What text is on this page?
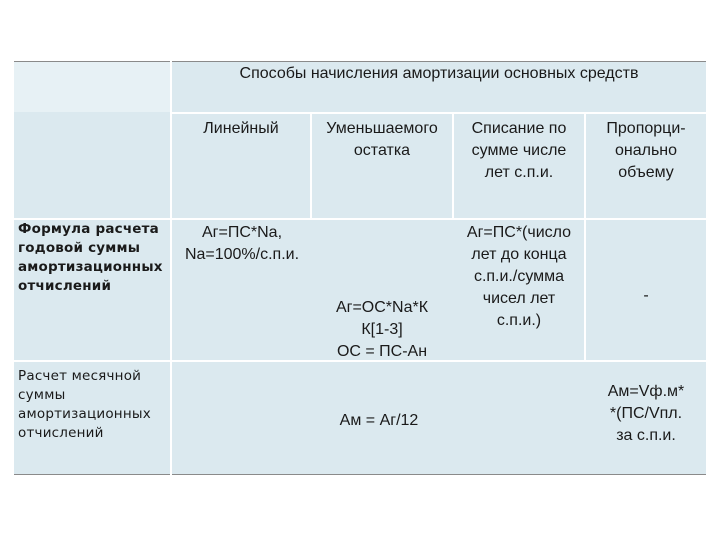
Способы начисления амортизации основных средств
Линейный	Уменьшаемого
остатка
Списание по
сумме числе
лет с.п.и.
Пропорци-
онально
объему
Формула расчета
годовой суммы
амортизационных
отчислений
Аг=ПС*Nа,
Nа=100%/с.п.и.
Аг=ОС*Nа*К
К[1-3]
ОС = ПС-Ан
Аг=ПС*(число
лет до конца
с.п.и./сумма
чисел лет
с.п.и.)
-
Расчет месячной
суммы
амортизационных
отчислений
Ам = Аг/12
Ам=Vф.м*
*(ПС/Vпл.
за с.п.и.
